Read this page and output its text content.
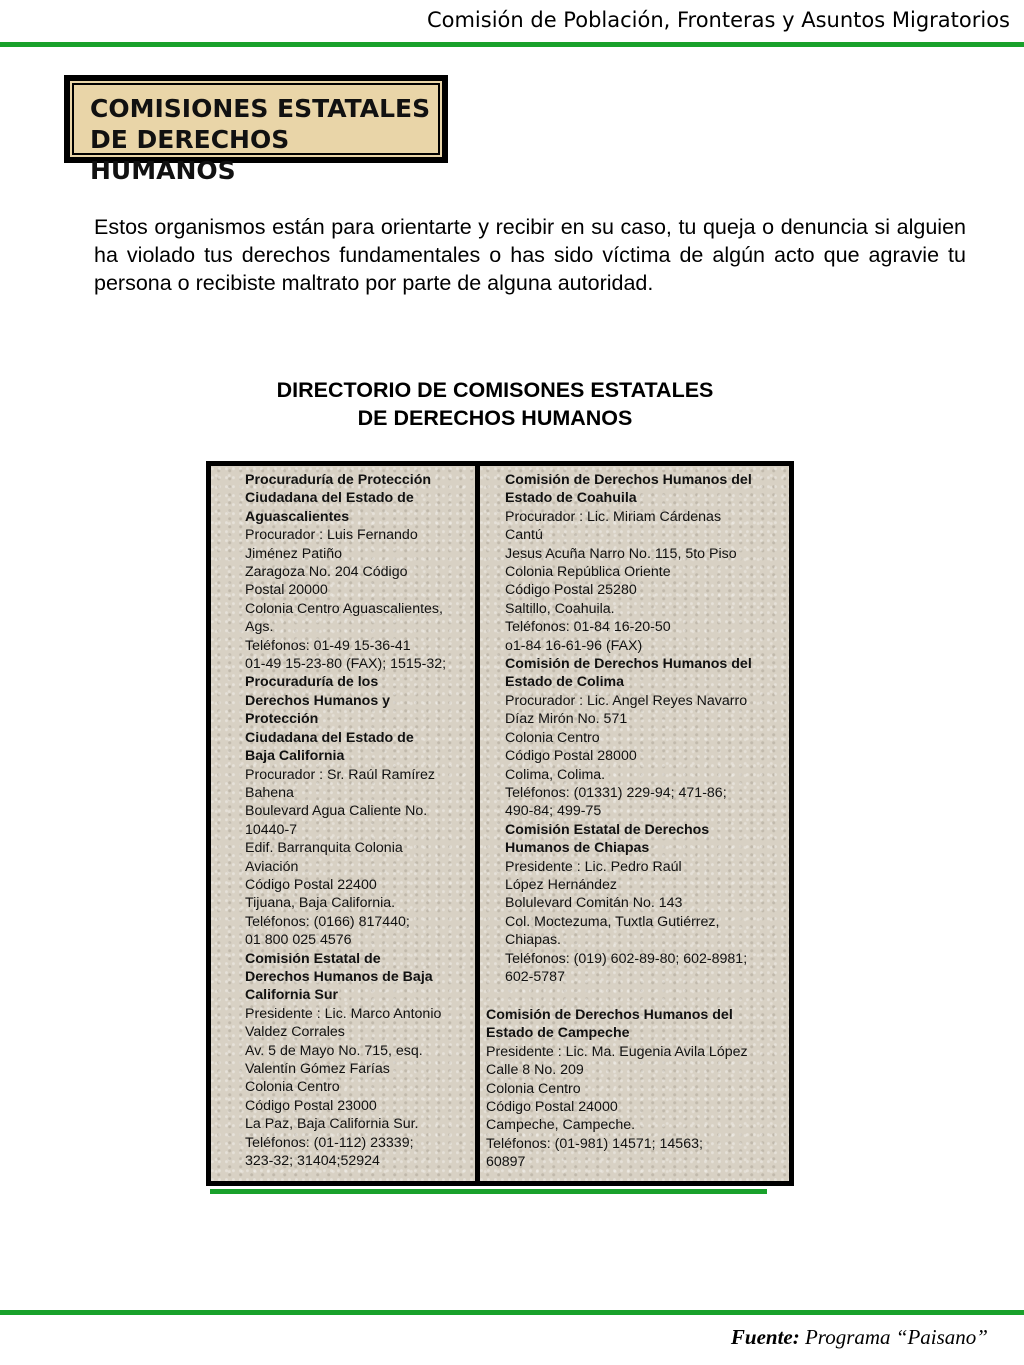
Comisión de Población, Fronteras y Asuntos Migratorios
COMISIONES ESTATALES
DE DERECHOS HUMANOS
Estos organismos están para orientarte y recibir en su caso, tu queja o denuncia si alguien ha violado tus derechos fundamentales o has sido víctima de algún acto que agravie tu persona o recibiste maltrato por parte de alguna autoridad.
DIRECTORIO DE COMISONES ESTATALES
DE DERECHOS HUMANOS
Procuraduría de Protección
Ciudadana del Estado de
Aguascalientes
Procurador : Luis Fernando
Jiménez Patiño
Zaragoza No. 204 Código
Postal 20000
Colonia Centro Aguascalientes,
Ags.
Teléfonos: 01-49 15-36-41
01-49 15-23-80 (FAX); 1515-32;
Procuraduría de los
Derechos Humanos y
Protección
Ciudadana del Estado de
Baja California
Procurador : Sr. Raúl Ramírez
Bahena
Boulevard Agua Caliente No.
10440-7
Edif. Barranquita Colonia
Aviación
Código Postal 22400
Tijuana, Baja California.
Teléfonos: (0166) 817440;
01 800 025 4576
Comisión Estatal de
Derechos Humanos de Baja
California Sur
Presidente : Lic. Marco Antonio
Valdez Corrales
Av. 5 de Mayo No. 715, esq.
Valentín Gómez Farías
Colonia Centro
Código Postal 23000
La Paz, Baja California Sur.
Teléfonos: (01-112) 23339;
323-32; 31404;52924
Comisión de Derechos Humanos del
Estado de Coahuila
Procurador : Lic. Miriam Cárdenas
Cantú
Jesus Acuña Narro No. 115, 5to Piso
Colonia República Oriente
Código Postal 25280
Saltillo, Coahuila.
Teléfonos: 01-84 16-20-50
o1-84 16-61-96 (FAX)
Comisión de Derechos Humanos del
Estado de Colima
Procurador : Lic. Angel Reyes Navarro
Díaz Mirón No. 571
Colonia Centro
Código Postal 28000
Colima, Colima.
Teléfonos: (01331) 229-94; 471-86;
490-84; 499-75
Comisión Estatal de Derechos
Humanos de Chiapas
Presidente : Lic. Pedro Raúl
López Hernández
Bolulevard Comitán No. 143
Col. Moctezuma, Tuxtla Gutiérrez,
Chiapas.
Teléfonos: (019) 602-89-80; 602-8981;
602-5787
Comisión de Derechos Humanos del
Estado de Campeche
Presidente : Lic. Ma. Eugenia Avila López
Calle 8 No. 209
Colonia Centro
Código Postal 24000
Campeche, Campeche.
Teléfonos: (01-981) 14571; 14563;
60897
Fuente: Programa “Paisano”
